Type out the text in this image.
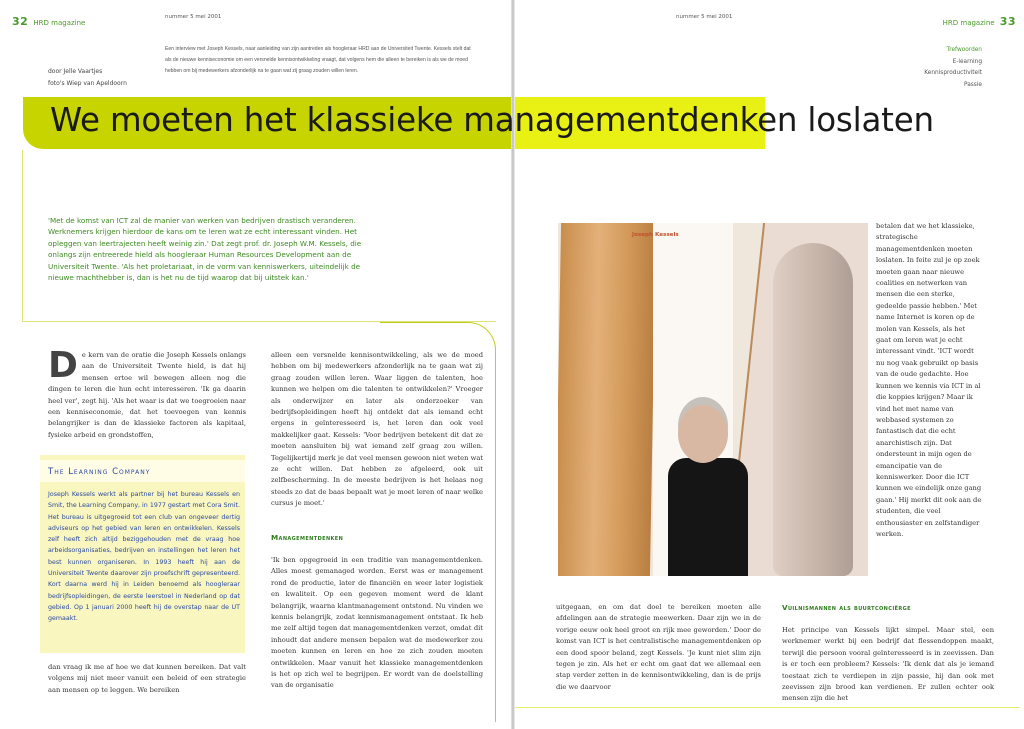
32 HRD magazine
nummer 5 mei 2001	nummer 5 mei 2001
HRD magazine 33
door Jelle Vaartjes
foto's Wiep van Apeldoorn
Een interview met Joseph Kessels, naar aanleiding van zijn aantreden als hoogleraar HRD aan de Universiteit Twente. Kessels stelt dat als de nieuwe kenniseconomie om een versnelde kennisontwikkeling vraagt, dat volgens hem die alleen te bereiken is als we de moed hebben om bij medewerkers afzonderlijk na te gaan wat zij graag zouden willen leren.
Trefwoorden
E-learning
Kennisproductiviteit
Passie
We moeten het klassieke managementdenken loslaten
'Met de komst van ICT zal de manier van werken van bedrijven drastisch veranderen. Werknemers krijgen hierdoor de kans om te leren wat ze echt interessant vinden. Het opleggen van leertrajecten heeft weinig zin.' Dat zegt prof. dr. Joseph W.M. Kessels, die onlangs zijn entreerede hield als hoogleraar Human Resources Development aan de Universiteit Twente. 'Als het proletariaat, in de vorm van kenniswerkers, uiteindelijk de nieuwe machthebber is, dan is het nu de tijd waarop dat bij uitstek kan.'
De kern van de oratie die Joseph Kessels onlangs aan de Universiteit Twente hield, is dat hij mensen ertoe wil bewegen alleen nog die dingen te leren die hun echt interesseren. 'Ik ga daarin heel ver', zegt hij. 'Als het waar is dat we toegroeien naar een kenniseconomie, dat het toevoegen van kennis belangrijker is dan de klassieke factoren als kapitaal, fysieke arbeid en grondstoffen,
The Learning Company
Joseph Kessels werkt als partner bij het bureau Kessels en Smit, the Learning Company, in 1977 gestart met Cora Smit. Het bureau is uitgegroeid tot een club van ongeveer dertig adviseurs op het gebied van leren en ontwikkelen. Kessels zelf heeft zich altijd beziggehouden met de vraag hoe arbeidsorganisaties, bedrijven en instellingen het leren het best kunnen organiseren. In 1993 heeft hij aan de Universiteit Twente daarover zijn proefschrift gepresenteerd. Kort daarna werd hij in Leiden benoemd als hoogleraar bedrijfsopleidingen, de eerste leerstoel in Nederland op dat gebied. Op 1 januari 2000 heeft hij de overstap naar de UT gemaakt.
dan vraag ik me af hoe we dat kunnen bereiken. Dat valt volgens mij niet meer vanuit een beleid of een strategie aan mensen op te leggen. We bereiken
alleen een versnelde kennisontwikkeling, als we de moed hebben om bij medewerkers afzonderlijk na te gaan wat zij graag zouden willen leren. Waar liggen de talenten, hoe kunnen we helpen om die talenten te ontwikkelen?' Vroeger als onderwijzer en later als onderzoeker van bedrijfsopleidingen heeft hij ontdekt dat als iemand echt ergens in geïnteresseerd is, het leren dan ook veel makkelijker gaat. Kessels: 'Voor bedrijven betekent dit dat ze moeten aansluiten bij wat iemand zelf graag zou willen. Tegelijkertijd merk je dat veel mensen gewoon niet weten wat ze echt willen. Dat hebben ze afgeleerd, ook uit zelfbescherming. In de meeste bedrijven is het helaas nog steeds zo dat de baas bepaalt wat je moet leren of naar welke cursus je moet.'
Managementdenken
'Ik ben opgegroeid in een traditie van managementdenken. Alles moest gemanaged worden. Eerst was er management rond de productie, later de financiën en weer later logistiek en kwaliteit. Op een gegeven moment werd de klant belangrijk, waarna klantmanagement ontstond. Nu vinden we kennis belangrijk, zodat kennismanagement ontstaat. Ik heb me zelf altijd tegen dat managementdenken verzet, omdat dit inhoudt dat andere mensen bepalen wat de medewerker zou moeten kunnen en leren en hoe ze zich zouden moeten ontwikkelen. Maar vanuit het klassieke managementdenken is het op zich wel te begrijpen. Er wordt van de doelstelling van de organisatie
Joseph Kessels
betalen dat we het klassieke, strategische managementdenken moeten loslaten. In feite zul je op zoek moeten gaan naar nieuwe coalities en netwerken van mensen die een sterke, gedeelde passie hebben.' Met name Internet is koren op de molen van Kessels, als het gaat om leren wat je echt interessant vindt. 'ICT wordt nu nog vaak gebruikt op basis van de oude gedachte. Hoe kunnen we kennis via ICT in al die koppies krijgen? Maar ik vind het met name van webbased systemen zo fantastisch dat die echt anarchistisch zijn. Dat ondersteunt in mijn ogen de emancipatie van de kenniswerker. Door die ICT kunnen we eindelijk onze gang gaan.' Hij merkt dit ook aan de studenten, die veel enthousiaster en zelfstandiger werken.
uitgegaan, en om dat doel te bereiken moeten alle afdelingen aan de strategie meewerken. Daar zijn we in de vorige eeuw ook heel groot en rijk mee geworden.' Door de komst van ICT is het centralistische managementdenken op een dood spoor beland, zegt Kessels. 'Je kunt niet slim zijn tegen je zin. Als het er echt om gaat dat we allemaal een stap verder zetten in de kennisontwikkeling, dan is de prijs die we daarvoor
Vuilnismannen als buurtconciërge
Het principe van Kessels lijkt simpel. Maar stel, een werknemer werkt bij een bedrijf dat flessendoppen maakt, terwijl die persoon vooral geïnteresseerd is in zeevissen. Dan is er toch een probleem? Kessels: 'Ik denk dat als je iemand toestaat zich te verdiepen in zijn passie, hij dan ook met zeevissen zijn brood kan verdienen. Er zullen echter ook mensen zijn die het
